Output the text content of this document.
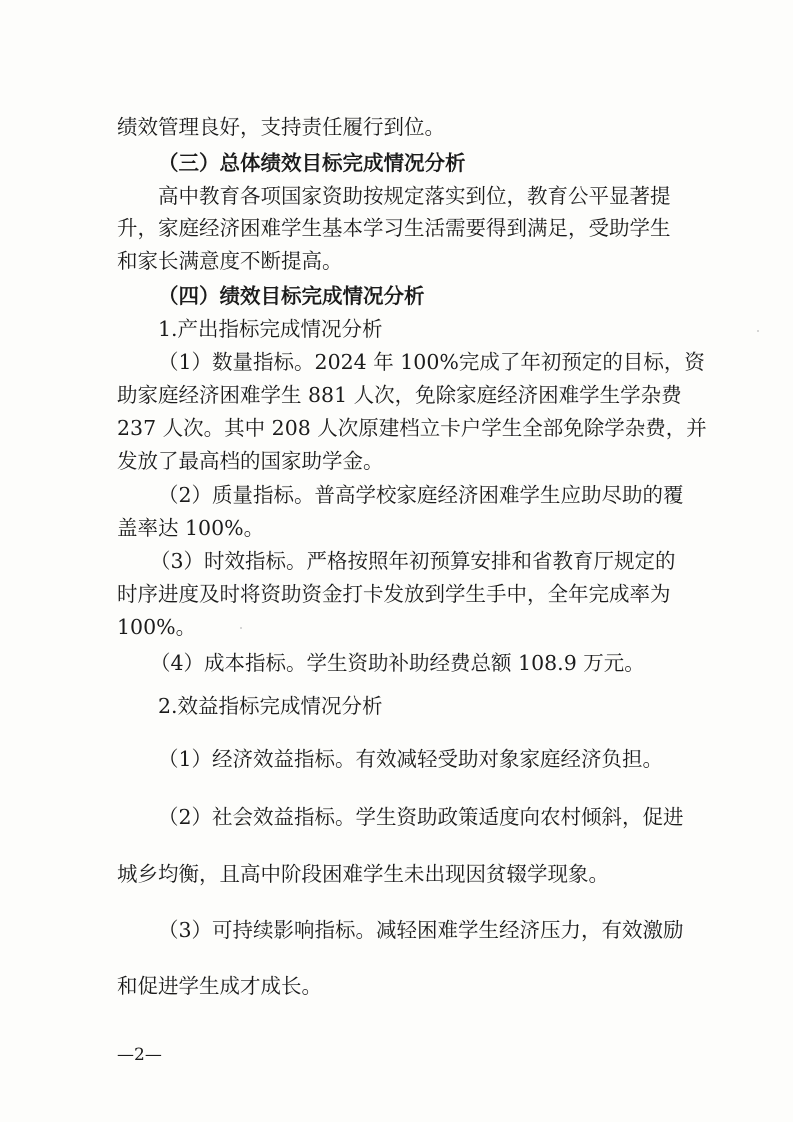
绩效管理良好，支持责任履行到位。
（三）总体绩效目标完成情况分析
高中教育各项国家资助按规定落实到位，教育公平显著提
升，家庭经济困难学生基本学习生活需要得到满足，受助学生
和家长满意度不断提高。
（四）绩效目标完成情况分析
1.产出指标完成情况分析
（1）数量指标。2024 年 100%完成了年初预定的目标，资
助家庭经济困难学生 881 人次，免除家庭经济困难学生学杂费
237 人次。其中 208 人次原建档立卡户学生全部免除学杂费，并
发放了最高档的国家助学金。
（2）质量指标。普高学校家庭经济困难学生应助尽助的覆
盖率达 100%。
（3）时效指标。严格按照年初预算安排和省教育厅规定的
时序进度及时将资助资金打卡发放到学生手中，全年完成率为
100%。
（4）成本指标。学生资助补助经费总额 108.9 万元。
2.效益指标完成情况分析
（1）经济效益指标。有效减轻受助对象家庭经济负担。
（2）社会效益指标。学生资助政策适度向农村倾斜，促进
城乡均衡，且高中阶段困难学生未出现因贫辍学现象。
（3）可持续影响指标。减轻困难学生经济压力，有效激励
和促进学生成才成长。
—2—
